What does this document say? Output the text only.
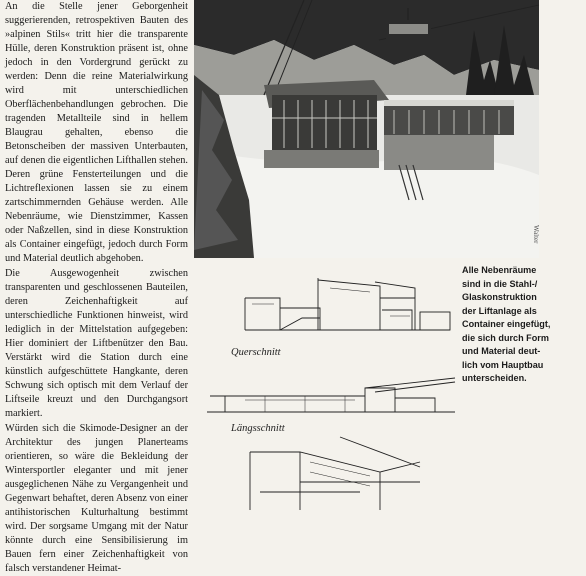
An die Stelle jener Geborgenheit suggerierenden, retrospektiven Bauten des »alpinen Stils« tritt hier die transparente Hülle, deren Konstruktion präsent ist, ohne jedoch in den Vordergrund gerückt zu werden: Denn die reine Materialwirkung wird mit unterschiedlichen Oberflächenbehandlungen gebrochen. Die tragenden Metallteile sind in hellem Blaugrau gehalten, ebenso die Betonscheiben der massiven Unterbauten, auf denen die eigentlichen Lifthallen stehen. Deren grüne Fensterteilungen und die Lichtreflexionen lassen sie zu einem zartschimmernden Gehäuse werden. Alle Nebenräume, wie Dienstzimmer, Kassen oder Naßzellen, sind in diese Konstruktion als Container eingefügt, jedoch durch Form und Material deutlich abgehoben.

Die Ausgewogenheit zwischen transparenten und geschlossenen Bauteilen, deren Zeichenhaftigkeit auf unterschiedliche Funktionen hinweist, wird lediglich in der Mittelstation aufgegeben: Hier dominiert der Liftbenützer den Bau. Verstärkt wird die Station durch eine künstlich aufgeschüttete Hangkante, deren Schwung sich optisch mit dem Verlauf der Liftseile kreuzt und den Durchgangsort markiert.

Würden sich die Skimode-Designer an der Architektur des jungen Planerteams orientieren, so wäre die Bekleidung der Wintersportler eleganter und mit jener ausgeglichenen Nähe zu Vergangenheit und Gegenwart behaftet, deren Absenz von einer antihistorischen Kulturhaltung bestimmt wird. Der sorgsame Umgang mit der Natur könnte durch eine Sensibilisierung im Bauen fern einer Zeichenhaftigkeit von falsch verstandener Heimat-

Walter
Alle Nebenräume
sind in die Stahl-/
Glaskonstruktion
der Liftanlage als
Container eingefügt,
die sich durch Form
und Material deut-
lich vom Hauptbau
unterscheiden.
Querschnitt
Längsschnitt
